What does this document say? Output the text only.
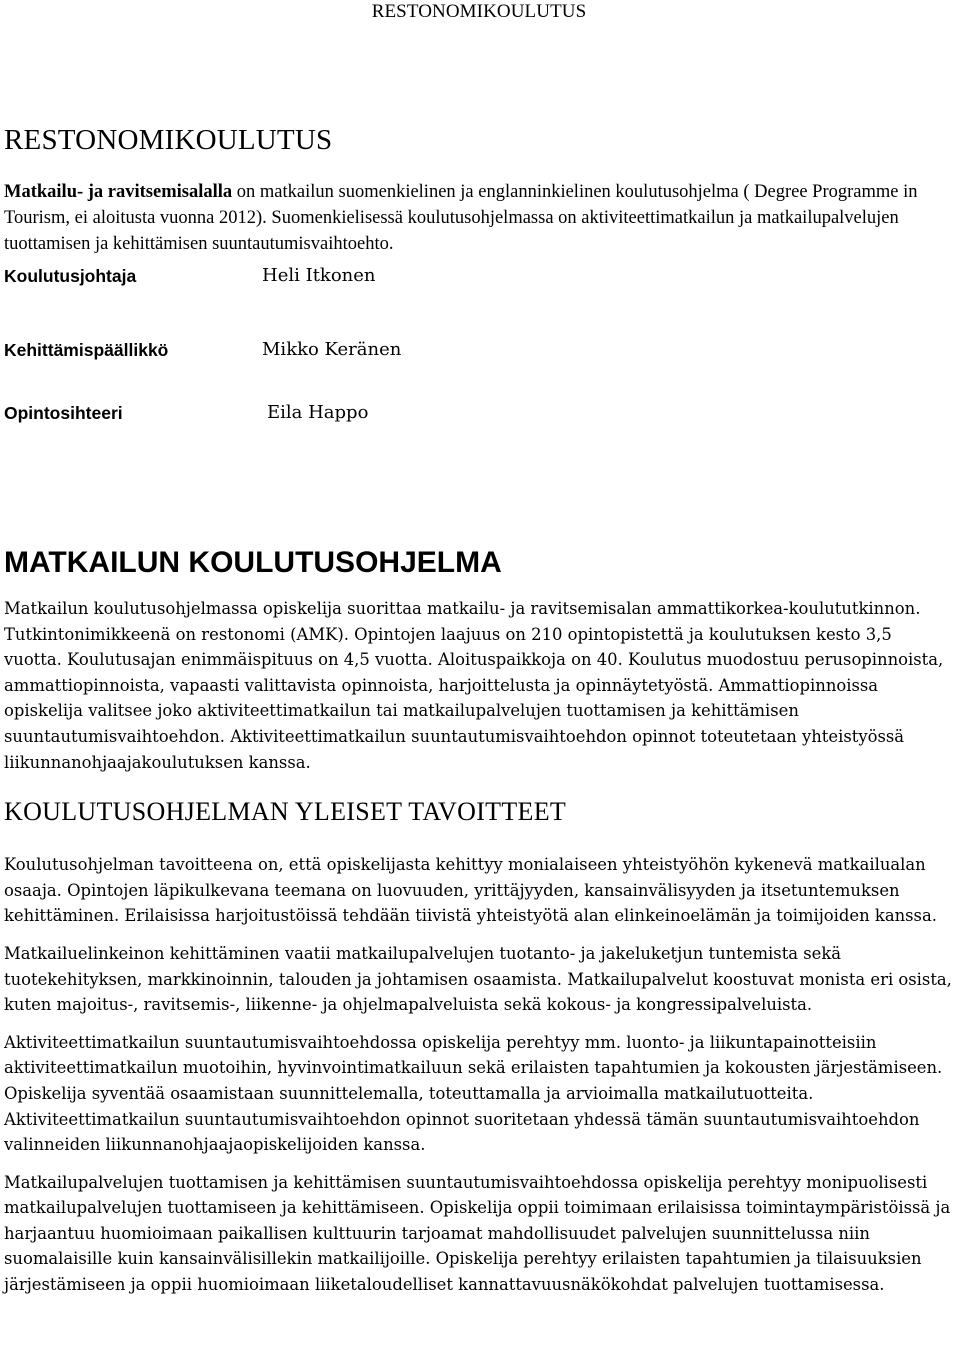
RESTONOMIKOULUTUS
RESTONOMIKOULUTUS

Matkailu- ja ravitsemisalalla on matkailun suomenkielinen ja englanninkielinen koulutusohjelma ( Degree Programme in Tourism, ei aloitusta vuonna 2012). Suomenkielisessä koulutusohjelmassa on aktiviteettimatkailun ja matkailupalvelujen tuottamisen ja kehittämisen suuntautumisvaihtoehto.

Koulutusjohtaja	Heli Itkonen
Kehittämispäällikkö	Mikko Keränen
Opintosihteeri	Eila Happo
MATKAILUN KOULUTUSOHJELMA

Matkailun koulutusohjelmassa opiskelija suorittaa matkailu- ja ravitsemisalan ammattikorkea-koulututkinnon. Tutkintonimikkeenä on restonomi (AMK). Opintojen laajuus on 210 opintopistettä ja koulutuksen kesto 3,5 vuotta. Koulutusajan enimmäispituus on 4,5 vuotta. Aloituspaikkoja on 40. Koulutus muodostuu perusopinnoista, ammattiopinnoista, vapaasti valittavista opinnoista, harjoittelusta ja opinnäytetyöstä. Ammattiopinnoissa opiskelija valitsee joko aktiviteettimatkailun tai matkailupalvelujen tuottamisen ja kehittämisen suuntautumisvaihtoehdon. Aktiviteettimatkailun suuntautumisvaihtoehdon opinnot toteutetaan yhteistyössä liikunnanohjaajakoulutuksen kanssa.

KOULUTUSOHJELMAN YLEISET TAVOITTEET

Koulutusohjelman tavoitteena on, että opiskelijasta kehittyy monialaiseen yhteistyöhön kykenevä matkailualan osaaja. Opintojen läpikulkevana teemana on luovuuden, yrittäjyyden, kansainvälisyyden ja itsetuntemuksen kehittäminen. Erilaisissa harjoitustöissä tehdään tiivistä yhteistyötä alan elinkeinoelämän ja toimijoiden kanssa.

Matkailuelinkeinon kehittäminen vaatii matkailupalvelujen tuotanto- ja jakeluketjun tuntemista sekä tuotekehityksen, markkinoinnin, talouden ja johtamisen osaamista. Matkailupalvelut koostuvat monista eri osista, kuten majoitus-, ravitsemis-, liikenne- ja ohjelmapalveluista sekä kokous- ja kongressipalveluista.

Aktiviteettimatkailun suuntautumisvaihtoehdossa opiskelija perehtyy mm. luonto- ja liikuntapainotteisiin aktiviteettimatkailun muotoihin, hyvinvointimatkailuun sekä erilaisten tapahtumien ja kokousten järjestämiseen. Opiskelija syventää osaamistaan suunnittelemalla, toteuttamalla ja arvioimalla matkailutuotteita. Aktiviteettimatkailun suuntautumisvaihtoehdon opinnot suoritetaan yhdessä tämän suuntautumisvaihtoehdon valinneiden liikunnanohjaajaopiskelijoiden kanssa.

Matkailupalvelujen tuottamisen ja kehittämisen suuntautumisvaihtoehdossa opiskelija perehtyy monipuolisesti matkailupalvelujen tuottamiseen ja kehittämiseen. Opiskelija oppii toimimaan erilaisissa toimintaympäristöissä ja harjaantuu huomioimaan paikallisen kulttuurin tarjoamat mahdollisuudet palvelujen suunnittelussa niin suomalaisille kuin kansainvälisillekin matkailijoille. Opiskelija perehtyy erilaisten tapahtumien ja tilaisuuksien järjestämiseen ja oppii huomioimaan liiketaloudelliset kannattavuusnäkökohdat palvelujen tuottamisessa.
